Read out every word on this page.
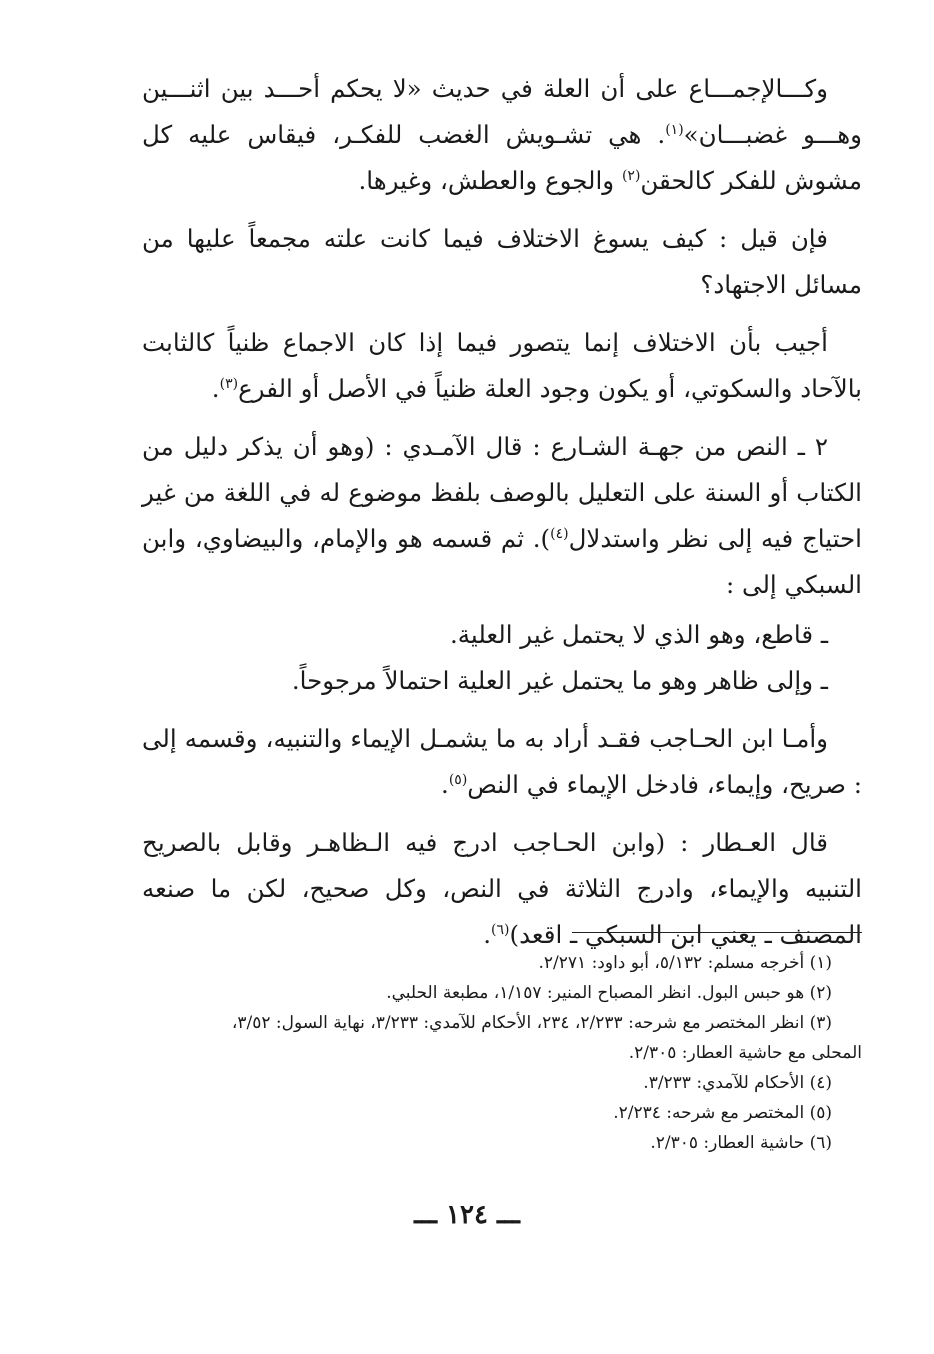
وكـــالإجمـــاع على أن العلة في حديث «لا يحكم أحـــد بين اثنـــين وهـــو غضبـــان»$^{(١)}$. هي تشـويش الغضب للفكـر، فيقاس عليه كل مشوش للفكر كالحقن$^{(٢)}$ والجوع والعطش، وغيرها.

فإن قيل : كيف يسوغ الاختلاف فيما كانت علته مجمعاً عليها من مسائل الاجتهاد؟

أجيب بأن الاختلاف إنما يتصور فيما إذا كان الاجماع ظنياً كالثابت بالآحاد والسكوتي، أو يكون وجود العلة ظنياً في الأصل أو الفرع$^{(٣)}$.

٢ ـ النص من جهـة الشـارع : قال الآمـدي : (وهو أن يذكر دليل من الكتاب أو السنة على التعليل بالوصف بلفظ موضوع له في اللغة من غير احتياج فيه إلى نظر واستدلال$^{(٤)}$). ثم قسمه هو والإمام، والبيضاوي، وابن السبكي إلى :

ـ قاطع، وهو الذي لا يحتمل غير العلية.

ـ وإلى ظاهر وهو ما يحتمل غير العلية احتمالاً مرجوحاً.

وأمـا ابن الحـاجب فقـد أراد به ما يشمـل الإيماء والتنبيه، وقسمه إلى : صريح، وإيماء، فادخل الإيماء في النص$^{(٥)}$.

قال العـطار : (وابن الحـاجب ادرج فيه الـظاهـر وقابل بالصريح التنبيه والإيماء، وادرج الثلاثة في النص، وكل صحيح، لكن ما صنعه المصنف ـ يعني ابن السبكي ـ اقعد)$^{(٦)}$.

(١) أخرجه مسلم: ٥/١٣٢، أبو داود: ٢/٢٧١.

(٢) هو حبس البول. انظر المصباح المنير: ١/١٥٧، مطبعة الحلبي.

(٣) انظر المختصر مع شرحه: ٢/٢٣٣، ٢٣٤، الأحكام للآمدي: ٣/٢٣٣، نهاية السول: ٣/٥٢،

المحلى مع حاشية العطار: ٢/٣٠٥.

(٤) الأحكام للآمدي: ٣/٢٣٣.

(٥) المختصر مع شرحه: ٢/٢٣٤.

(٦) حاشية العطار: ٢/٣٠٥.

ـــ ١٢٤ ـــ
